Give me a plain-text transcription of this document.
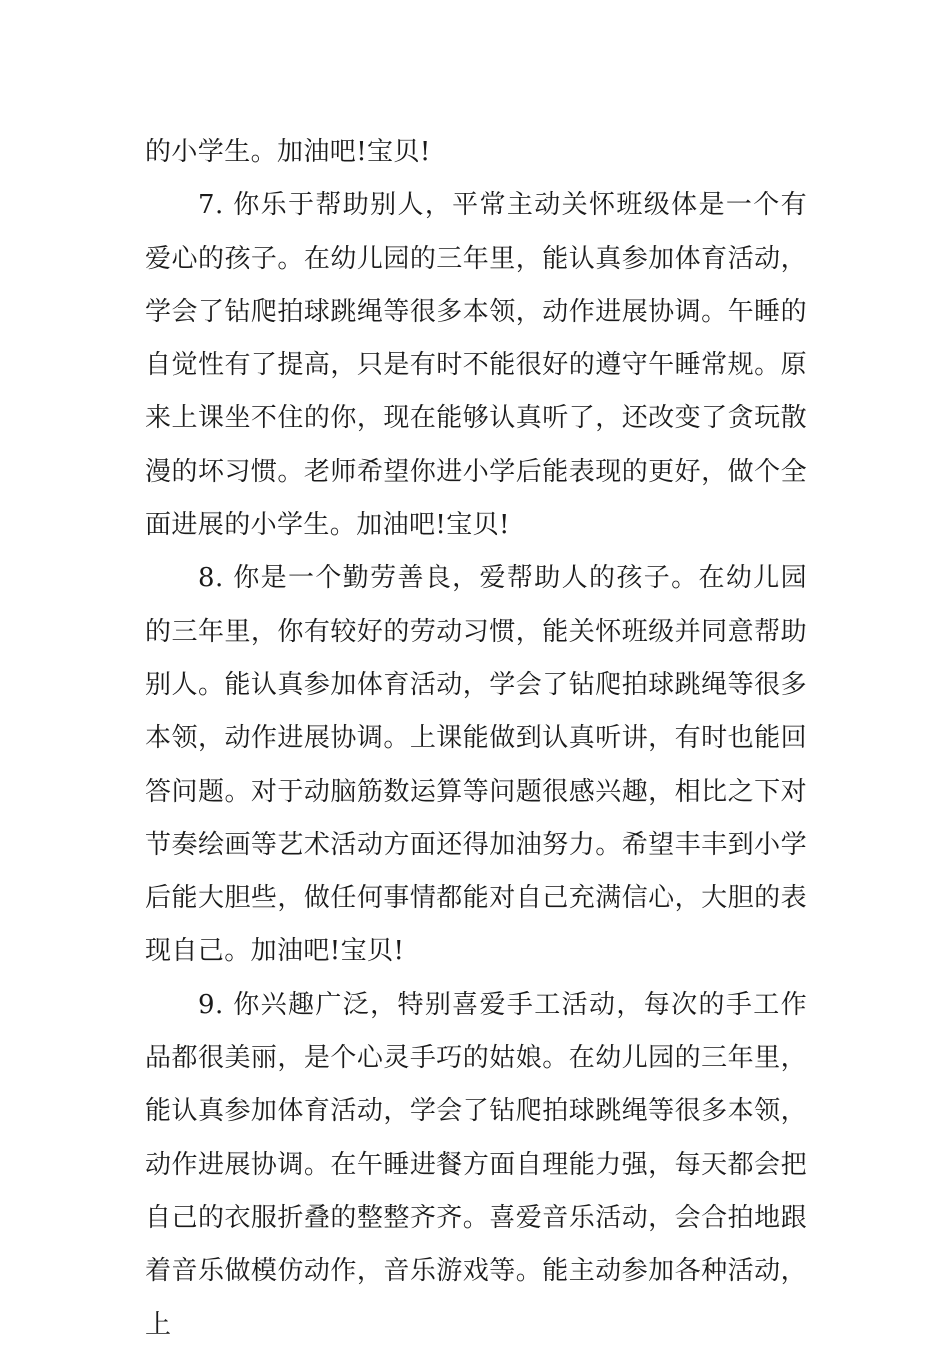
的小学生。加油吧!宝贝!

7. 你乐于帮助别人，平常主动关怀班级体是一个有爱心的孩子。在幼儿园的三年里，能认真参加体育活动，学会了钻爬拍球跳绳等很多本领，动作进展协调。午睡的自觉性有了提高，只是有时不能很好的遵守午睡常规。原来上课坐不住的你，现在能够认真听了，还改变了贪玩散漫的坏习惯。老师希望你进小学后能表现的更好，做个全面进展的小学生。加油吧!宝贝!

8. 你是一个勤劳善良，爱帮助人的孩子。在幼儿园的三年里，你有较好的劳动习惯，能关怀班级并同意帮助别人。能认真参加体育活动，学会了钻爬拍球跳绳等很多本领，动作进展协调。上课能做到认真听讲，有时也能回答问题。对于动脑筋数运算等问题很感兴趣，相比之下对节奏绘画等艺术活动方面还得加油努力。希望丰丰到小学后能大胆些，做任何事情都能对自己充满信心，大胆的表现自己。加油吧!宝贝!

9. 你兴趣广泛，特别喜爱手工活动，每次的手工作品都很美丽，是个心灵手巧的姑娘。在幼儿园的三年里，能认真参加体育活动，学会了钻爬拍球跳绳等很多本领，动作进展协调。在午睡进餐方面自理能力强，每天都会把自己的衣服折叠的整整齐齐。喜爱音乐活动，会合拍地跟着音乐做模仿动作，音乐游戏等。能主动参加各种活动，上
